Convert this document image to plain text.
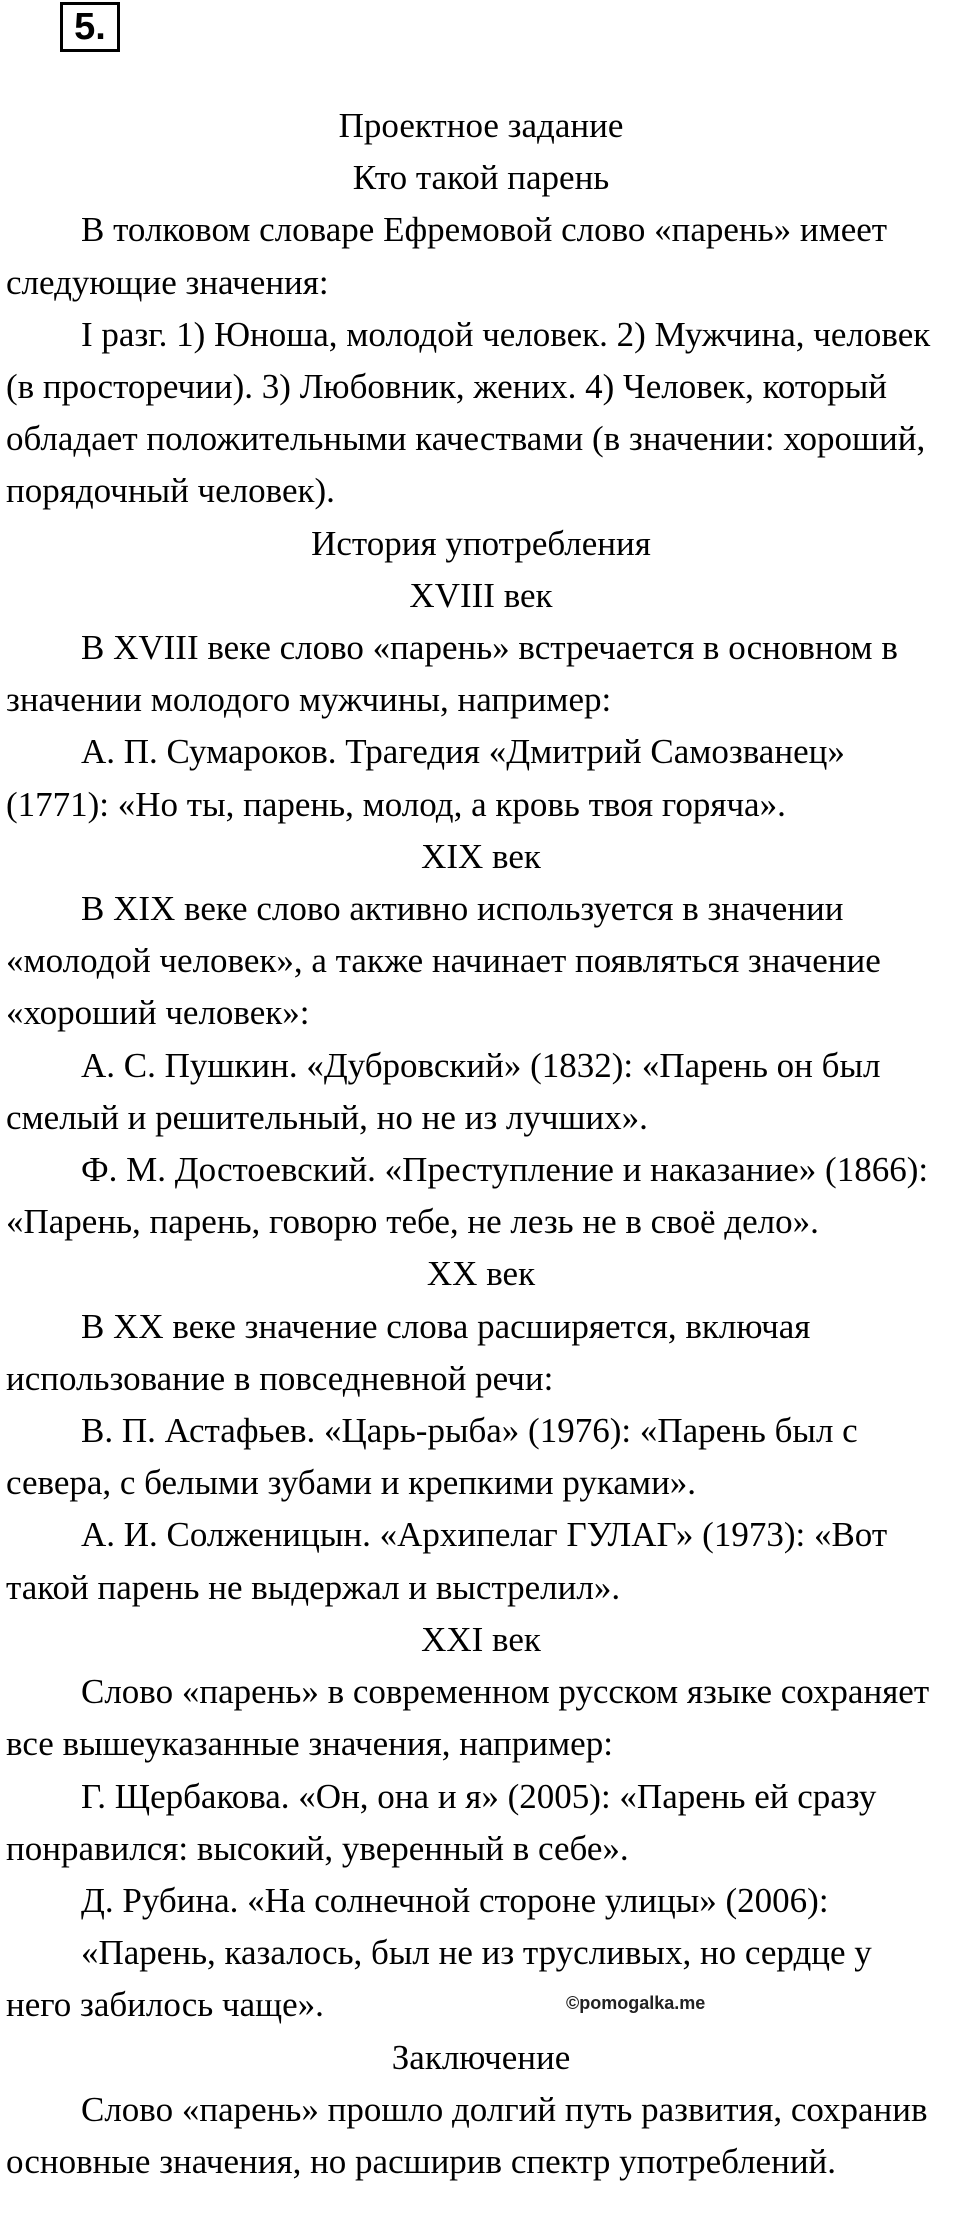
5.

Проектное задание

Кто такой парень

В толковом словаре Ефремовой слово «парень» имеет следующие значения:

I разг. 1) Юноша, молодой человек. 2) Мужчина, человек (в просторечии). 3) Любовник, жених. 4) Человек, который обладает положительными качествами (в значении: хороший, порядочный человек).

История употребления

XVIII век

В XVIII веке слово «парень» встречается в основном в значении молодого мужчины, например:

А. П. Сумароков. Трагедия «Дмитрий Самозванец» (1771): «Но ты, парень, молод, а кровь твоя горяча».

XIX век

В XIX веке слово активно используется в значении «молодой человек», а также начинает появляться значение «хороший человек»:

А. С. Пушкин. «Дубровский» (1832): «Парень он был смелый и решительный, но не из лучших».

Ф. М. Достоевский. «Преступление и наказание» (1866): «Парень, парень, говорю тебе, не лезь не в своё дело».

XX век

В XX веке значение слова расширяется, включая использование в повседневной речи:

В. П. Астафьев. «Царь-рыба» (1976): «Парень был с севера, с белыми зубами и крепкими руками».

А. И. Солженицын. «Архипелаг ГУЛАГ» (1973): «Вот такой парень не выдержал и выстрелил».

XXI век

Слово «парень» в современном русском языке сохраняет все вышеуказанные значения, например:

Г. Щербакова. «Он, она и я» (2005): «Парень ей сразу понравился: высокий, уверенный в себе».

Д. Рубина. «На солнечной стороне улицы» (2006):

«Парень, казалось, был не из трусливых, но сердце у

него забилось чаще».	©pomogalka.me

Заключение

Слово «парень» прошло долгий путь развития, сохранив основные значения, но расширив спектр употреблений.
